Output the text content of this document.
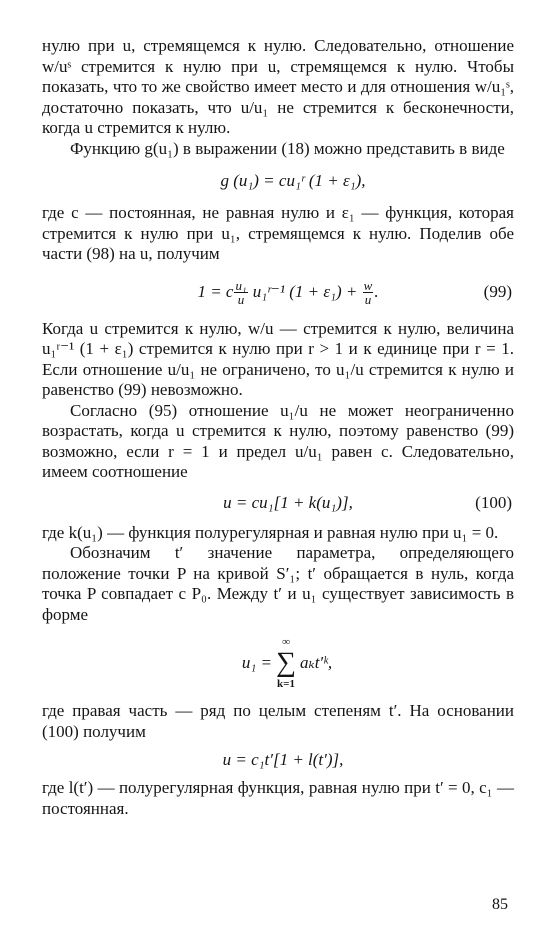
нулю при u, стремящемся к нулю. Следовательно, отношение w/uˢ стремится к нулю при u, стремящемся к нулю. Чтобы показать, что то же свойство имеет место и для отношения w/u₁ˢ, достаточно показать, что u/u₁ не стремится к бесконечности, когда u стремится к нулю.

Функцию g(u₁) в выражении (18) можно представить в виде

g (u₁) = cu₁ʳ (1 + ε₁),

где c — постоянная, не равная нулю и ε₁ — функция, которая стремится к нулю при u₁, стремящемся к нулю. Поделив обе части (98) на u, получим

1 = c $\frac{\text{u₁}}{u}$ u₁ʳ⁻¹ $(1 + \varepsilon_1) + \frac{w}{u}$ .	(99)

Когда u стремится к нулю, w/u — стремится к нулю, величина u₁ʳ⁻¹ (1 + ε₁) стремится к нулю при r > 1 и к единице при r = 1. Если отношение u/u₁ не ограничено, то u₁/u стремится к нулю и равенство (99) невозможно.

Согласно (95) отношение u₁/u не может неограниченно возрастать, когда u стремится к нулю, поэтому равенство (99) возможно, если r = 1 и предел u/u₁ равен c. Следовательно, имеем соотношение

u = cu₁[1 + k(u₁)],	(100)

где k(u₁) — функция полурегулярная и равная нулю при u₁ = 0.

Обозначим t′ значение параметра, определяющего положение точки P на кривой S′₁; t′ обращается в нуль, когда точка P совпадает с P₀. Между t′ и u₁ существует зависимость в форме

u₁ =
∞
∑
k=1
aₖt′ᵏ,

где правая часть — ряд по целым степеням t′. На основании (100) получим

u = c₁t′[1 + l(t′)],

где l(t′) — полурегулярная функция, равная нулю при t′ = 0, c₁ — постоянная.

85
